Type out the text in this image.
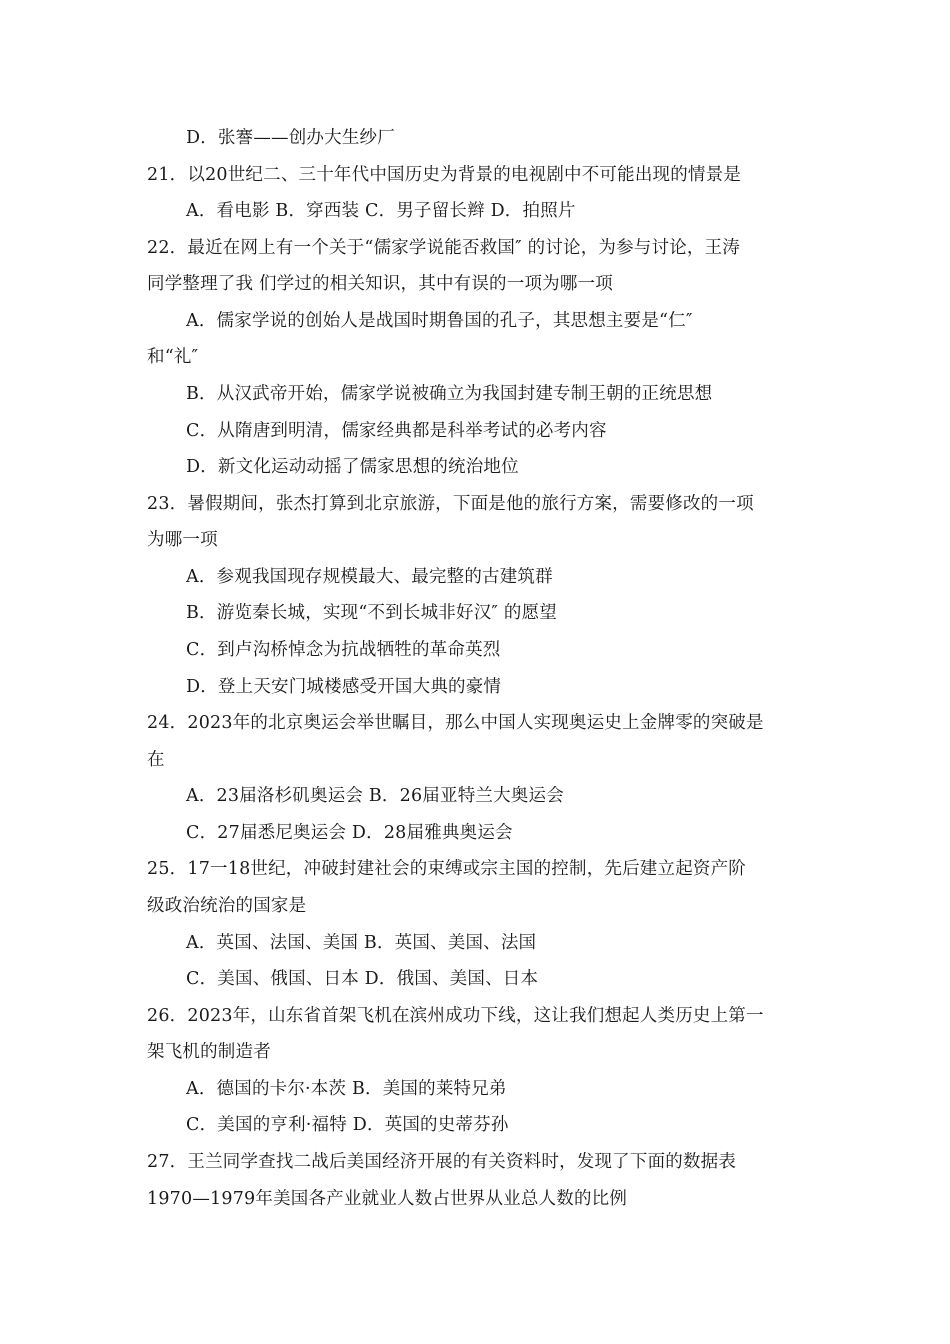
D．张謇——创办大生纱厂
21．以20世纪二、三十年代中国历史为背景的电视剧中不可能出现的情景是
A．看电影 B．穿西装 C．男子留长辫 D．拍照片
22．最近在网上有一个关于“儒家学说能否救国″ 的讨论，为参与讨论，王涛
同学整理了我 们学过的相关知识，其中有误的一项为哪一项
A．儒家学说的创始人是战国时期鲁国的孔子，其思想主要是“仁″
和“礼″
B．从汉武帝开始，儒家学说被确立为我国封建专制王朝的正统思想
C．从隋唐到明清，儒家经典都是科举考试的必考内容
D．新文化运动动摇了儒家思想的统治地位
23．暑假期间，张杰打算到北京旅游，下面是他的旅行方案，需要修改的一项
为哪一项
A．参观我国现存规模最大、最完整的古建筑群
B．游览秦长城，实现“不到长城非好汉″ 的愿望
C．到卢沟桥悼念为抗战牺牲的革命英烈
D．登上天安门城楼感受开国大典的豪情
24．2023年的北京奥运会举世瞩目，那么中国人实现奥运史上金牌零的突破是
在
A．23届洛杉矶奥运会 B．26届亚特兰大奥运会
C．27届悉尼奥运会 D．28届雅典奥运会
25．17一18世纪，冲破封建社会的束缚或宗主国的控制，先后建立起资产阶
级政治统治的国家是
A．英国、法国、美国 B．英国、美国、法国
C．美国、俄国、日本 D．俄国、美国、日本
26．2023年，山东省首架飞机在滨州成功下线，这让我们想起人类历史上第一
架飞机的制造者
A．德国的卡尔·本茨 B．美国的莱特兄弟
C．美国的亨利·福特 D．英国的史蒂芬孙
27．王兰同学查找二战后美国经济开展的有关资料时，发现了下面的数据表
1970—1979年美国各产业就业人数占世界从业总人数的比例
